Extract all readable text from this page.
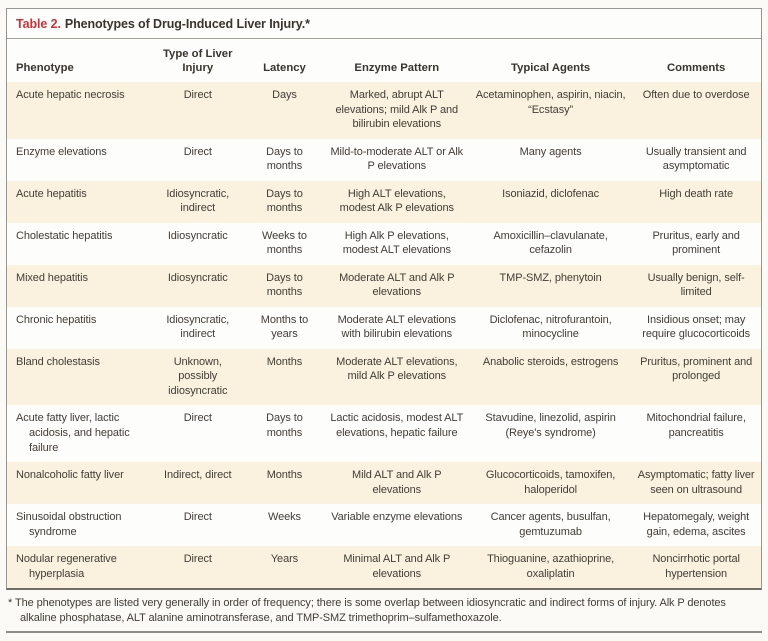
Table 2. Phenotypes of Drug-Induced Liver Injury.*
Phenotype	Type of Liver Injury	Latency	Enzyme Pattern	Typical Agents	Comments
Acute hepatic necrosis	Direct	Days	Marked, abrupt ALT elevations; mild Alk P and bilirubin elevations	Acetaminophen, aspirin, niacin, “Ecstasy”	Often due to overdose
Enzyme elevations	Direct	Days to months	Mild-to-moderate ALT or Alk P elevations	Many agents	Usually transient and asymptomatic
Acute hepatitis	Idiosyncratic, indirect	Days to months	High ALT elevations, modest Alk P elevations	Isoniazid, diclofenac	High death rate
Cholestatic hepatitis	Idiosyncratic	Weeks to months	High Alk P elevations, modest ALT elevations	Amoxicillin–clavulanate, cefazolin	Pruritus, early and prominent
Mixed hepatitis	Idiosyncratic	Days to months	Moderate ALT and Alk P elevations	TMP-SMZ, phenytoin	Usually benign, self-limited
Chronic hepatitis	Idiosyncratic, indirect	Months to years	Moderate ALT elevations with bilirubin elevations	Diclofenac, nitrofurantoin, minocycline	Insidious onset; may require glucocorticoids
Bland cholestasis	Unknown, possibly idiosyncratic	Months	Moderate ALT elevations, mild Alk P elevations	Anabolic steroids, estrogens	Pruritus, prominent and prolonged
Acute fatty liver, lactic acidosis, and hepatic failure	Direct	Days to months	Lactic acidosis, modest ALT elevations, hepatic failure	Stavudine, linezolid, aspirin (Reye's syndrome)	Mitochondrial failure, pancreatitis
Nonalcoholic fatty liver	Indirect, direct	Months	Mild ALT and Alk P elevations	Glucocorticoids, tamoxifen, haloperidol	Asymptomatic; fatty liver seen on ultrasound
Sinusoidal obstruction syndrome	Direct	Weeks	Variable enzyme elevations	Cancer agents, busulfan, gemtuzumab	Hepatomegaly, weight gain, edema, ascites
Nodular regenerative hyperplasia	Direct	Years	Minimal ALT and Alk P elevations	Thioguanine, azathioprine, oxaliplatin	Noncirrhotic portal hypertension

* The phenotypes are listed very generally in order of frequency; there is some overlap between idiosyncratic and indirect forms of injury. Alk P denotes alkaline phosphatase, ALT alanine aminotransferase, and TMP-SMZ trimethoprim–sulfamethoxazole.
